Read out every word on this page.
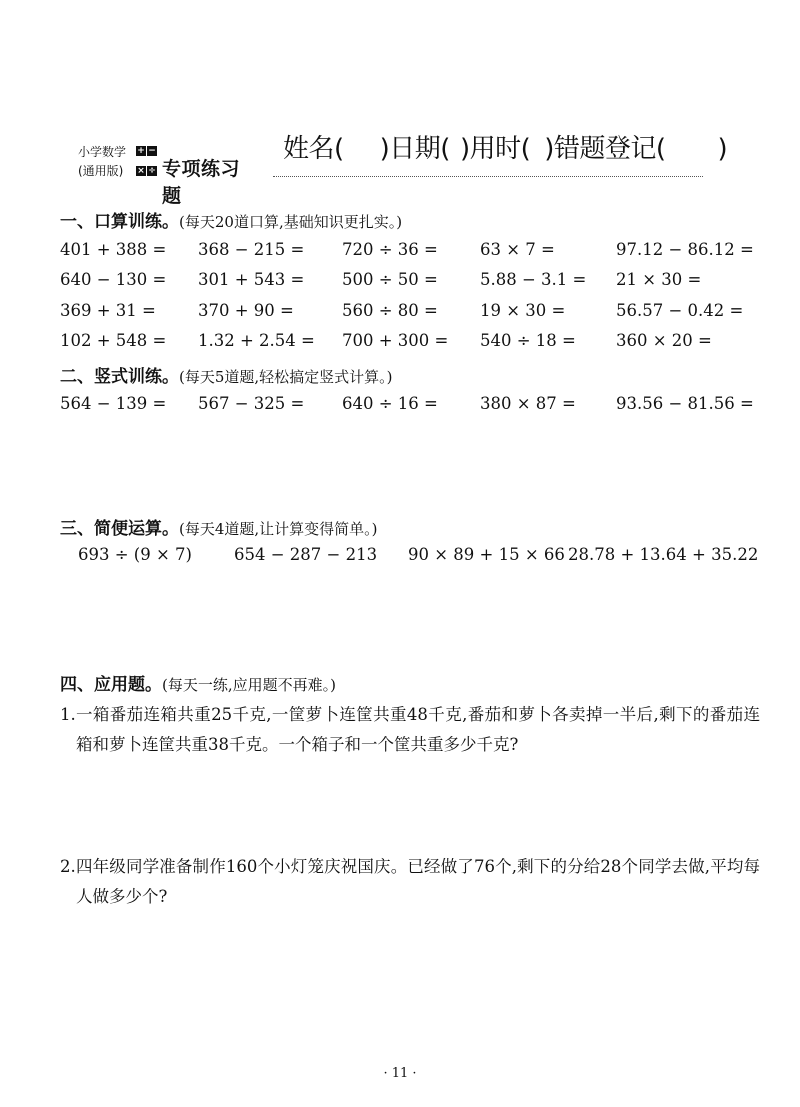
小学数学
(通用版)
+ −
× ÷ 专项练习题
姓名( )日期( )用时( )错题登记( )
一、口算训练。(每天20道口算,基础知识更扎实。)
401 + 388 = 368 − 215 = 720 ÷ 36 =	63 × 7 =	97.12 − 86.12 =
640 − 130 = 301 + 543 = 500 ÷ 50 =	5.88 − 3.1 = 21 × 30 =
369 + 31 =	370 + 90 =	560 ÷ 80 =	19 × 30 =	56.57 − 0.42 =
102 + 548 = 1.32 + 2.54 = 700 + 300 = 540 ÷ 18 = 360 × 20 =
二、竖式训练。(每天5道题,轻松搞定竖式计算。)
564 − 139 = 567 − 325 = 640 ÷ 16 =	380 × 87 = 93.56 − 81.56 =
三、简便运算。(每天4道题,让计算变得简单。)
693 ÷ (9 × 7)	654 − 287 − 213 90 × 89 + 15 × 66 28.78 + 13.64 + 35.22
四、应用题。(每天一练,应用题不再难。)
1. 一箱番茄连箱共重25千克,一筐萝卜连筐共重48千克,番茄和萝卜各卖掉一半后,剩下的番茄连箱和萝卜连筐共重38千克。一个箱子和一个筐共重多少千克?
2. 四年级同学准备制作160个小灯笼庆祝国庆。已经做了76个,剩下的分给28个同学去做,平均每人做多少个?
· 11 ·
